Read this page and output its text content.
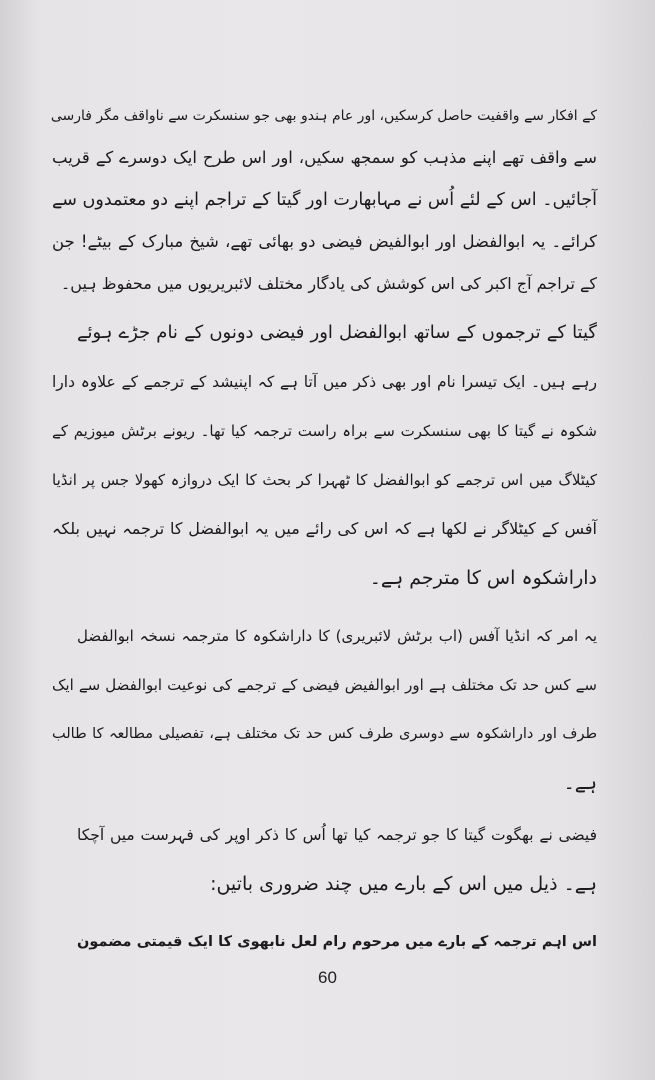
کے افکار سے واقفیت حاصل کرسکیں، اور عام ہندو بھی جو سنسکرت سے ناواقف مگر فارسی
سے واقف تھے اپنے مذہب کو سمجھ سکیں، اور اس طرح ایک دوسرے کے قریب
آجائیں۔ اس کے لئے اُس نے مہابھارت اور گیتا کے تراجم اپنے دو معتمدوں سے
کرائے۔ یہ ابوالفضل اور ابوالفیض فیضی دو بھائی تھے، شیخ مبارک کے بیٹے! جن
کے تراجم آج اکبر کی اس کوشش کی یادگار مختلف لائبریریوں میں محفوظ ہیں۔
گیتا کے ترجموں کے ساتھ ابوالفضل اور فیضی دونوں کے نام جڑے ہوئے
رہے ہیں۔ ایک تیسرا نام اور بھی ذکر میں آتا ہے کہ اپنیشد کے ترجمے کے علاوہ دارا
شکوہ نے گیتا کا بھی سنسکرت سے براہ راست ترجمہ کیا تھا۔ ریونے برٹش میوزیم کے
کیٹلاگ میں اس ترجمے کو ابوالفضل کا ٹھہرا کر بحث کا ایک دروازہ کھولا جس پر انڈیا
آفس کے کیٹلاگر نے لکھا ہے کہ اس کی رائے میں یہ ابوالفضل کا ترجمہ نہیں بلکہ
داراشکوہ اس کا مترجم ہے۔
یہ امر کہ انڈیا آفس (اب برٹش لائبریری) کا داراشکوہ کا مترجمہ نسخہ ابوالفضل
سے کس حد تک مختلف ہے اور ابوالفیض فیضی کے ترجمے کی نوعیت ابوالفضل سے ایک
طرف اور داراشکوہ سے دوسری طرف کس حد تک مختلف ہے، تفصیلی مطالعہ کا طالب
ہے۔
فیضی نے بھگوت گیتا کا جو ترجمہ کیا تھا اُس کا ذکر اوپر کی فہرست میں آچکا
ہے۔ ذیل میں اس کے بارے میں چند ضروری باتیں:
اس اہم ترجمہ کے بارے میں مرحوم رام لعل نابھوی کا ایک قیمتی مضمون
60
